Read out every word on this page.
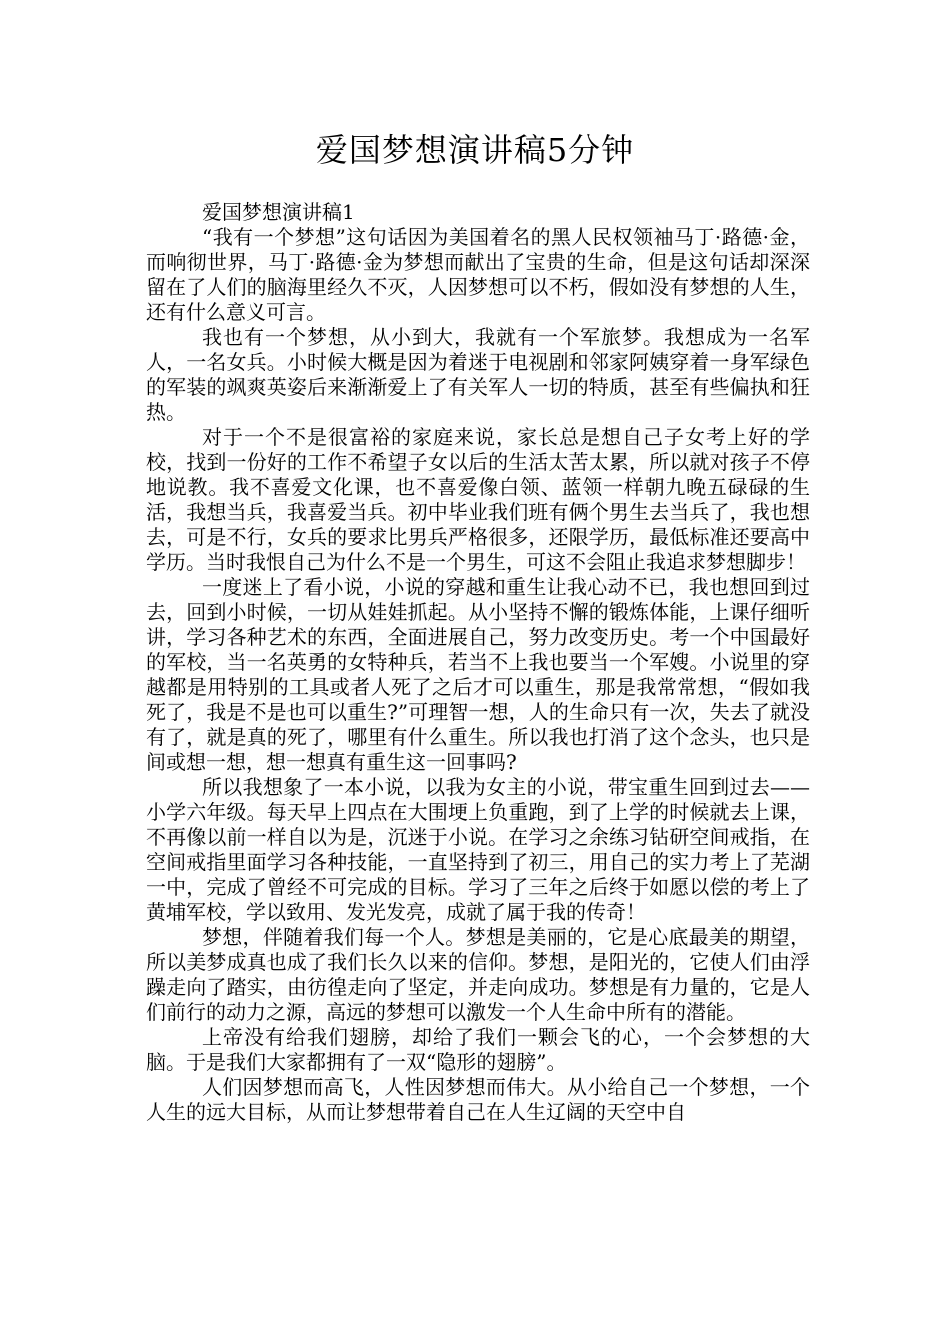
爱国梦想演讲稿5分钟

爱国梦想演讲稿1

“我有一个梦想”这句话因为美国着名的黑人民权领袖马丁·路德·金，而响彻世界，马丁·路德·金为梦想而献出了宝贵的生命，但是这句话却深深留在了人们的脑海里经久不灭，人因梦想可以不朽，假如没有梦想的人生，还有什么意义可言。

我也有一个梦想，从小到大，我就有一个军旅梦。我想成为一名军人，一名女兵。小时候大概是因为着迷于电视剧和邻家阿姨穿着一身军绿色的军装的飒爽英姿后来渐渐爱上了有关军人一切的特质，甚至有些偏执和狂热。

对于一个不是很富裕的家庭来说，家长总是想自己子女考上好的学校，找到一份好的工作不希望子女以后的生活太苦太累，所以就对孩子不停地说教。我不喜爱文化课，也不喜爱像白领、蓝领一样朝九晚五碌碌的生活，我想当兵，我喜爱当兵。初中毕业我们班有俩个男生去当兵了，我也想去，可是不行，女兵的要求比男兵严格很多，还限学历，最低标准还要高中学历。当时我恨自己为什么不是一个男生，可这不会阻止我追求梦想脚步！

一度迷上了看小说，小说的穿越和重生让我心动不已，我也想回到过去，回到小时候，一切从娃娃抓起。从小坚持不懈的锻炼体能，上课仔细听讲，学习各种艺术的东西，全面进展自己，努力改变历史。考一个中国最好的军校，当一名英勇的女特种兵，若当不上我也要当一个军嫂。小说里的穿越都是用特别的工具或者人死了之后才可以重生，那是我常常想，“假如我死了，我是不是也可以重生?”可理智一想，人的生命只有一次，失去了就没有了，就是真的死了，哪里有什么重生。所以我也打消了这个念头，也只是间或想一想，想一想真有重生这一回事吗?

所以我想象了一本小说，以我为女主的小说，带宝重生回到过去——小学六年级。每天早上四点在大围埂上负重跑，到了上学的时候就去上课，不再像以前一样自以为是，沉迷于小说。在学习之余练习钻研空间戒指，在空间戒指里面学习各种技能，一直坚持到了初三，用自己的实力考上了芜湖一中，完成了曾经不可完成的目标。学习了三年之后终于如愿以偿的考上了黄埔军校，学以致用、发光发亮，成就了属于我的传奇！

梦想，伴随着我们每一个人。梦想是美丽的，它是心底最美的期望，所以美梦成真也成了我们长久以来的信仰。梦想，是阳光的，它使人们由浮躁走向了踏实，由彷徨走向了坚定，并走向成功。梦想是有力量的，它是人们前行的动力之源，高远的梦想可以激发一个人生命中所有的潜能。

上帝没有给我们翅膀，却给了我们一颗会飞的心，一个会梦想的大脑。于是我们大家都拥有了一双“隐形的翅膀”。

人们因梦想而高飞，人性因梦想而伟大。从小给自己一个梦想，一个人生的远大目标，从而让梦想带着自己在人生辽阔的天空中自
